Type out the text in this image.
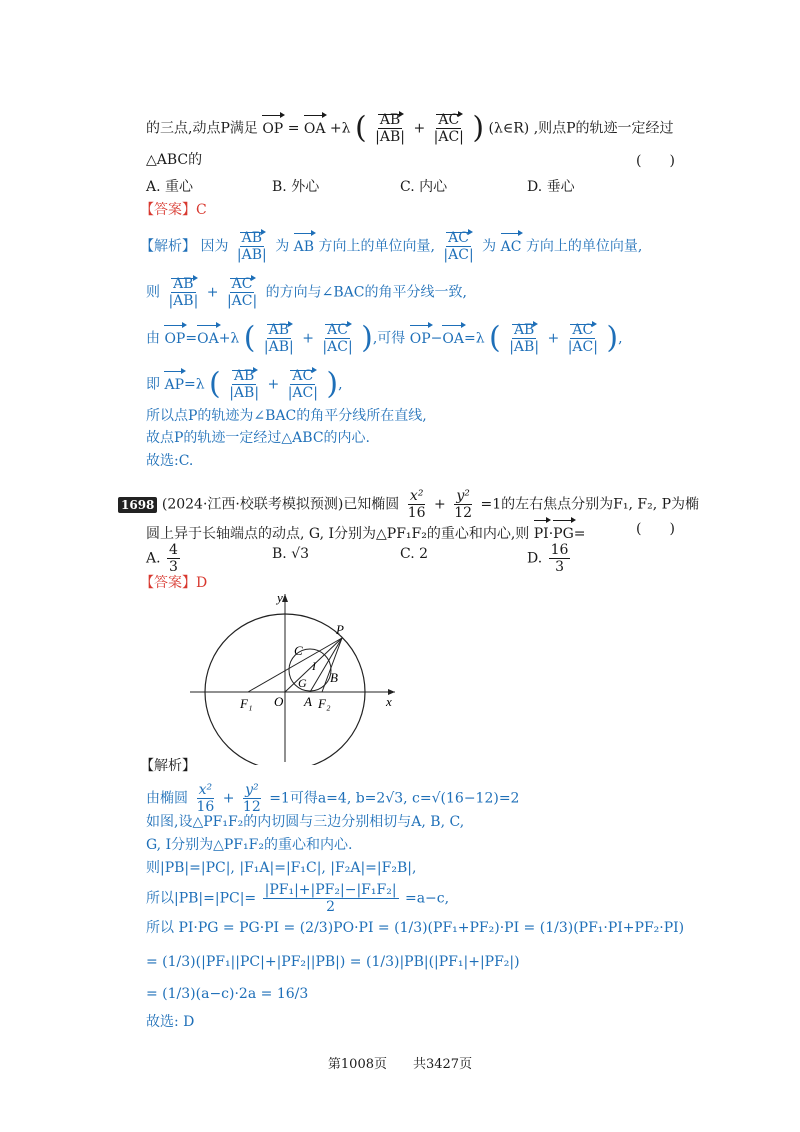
的三点,动点P满足 OP = OA +λ ( $\frac{AB}{|AB|} + \frac{AC}{|AC|}$ ) (λ∈R) ,则点P的轨迹一定经过
△ABC的	(　　)
A. 重心	B. 外心	C. 内心	D. 垂心
【答案】C
【解析】 因为 $\frac{AB}{|AB|}$ 为 AB 方向上的单位向量, $\frac{AC}{|AC|}$ 为 AC 方向上的单位向量,
则 $\frac{AB}{|AB|} + \frac{AC}{|AC|}$ 的方向与∠BAC的角平分线一致,
由 OP=OA+λ ( $\frac{AB}{|AB|} + \frac{AC}{|AC|}$ ),可得 OP−OA=λ ( $\frac{AB}{|AB|} + \frac{AC}{|AC|}$ ),
即 AP=λ ( $\frac{AB}{|AB|} + \frac{AC}{|AC|}$ ),
所以点P的轨迹为∠BAC的角平分线所在直线,
故点P的轨迹一定经过△ABC的内心.
故选:C.
1698 (2024·江西·校联考模拟预测)已知椭圆 $\frac{\text{x²}}{16} + \frac{\text{y²}}{12} =1$的左右焦点分别为F₁, F₂, P为椭
圆上异于长轴端点的动点, G, I分别为△PF₁F₂的重心和内心,则 PI·PG=	(　　)
A. $\frac{4}{3}$	B. √3	C. 2	D. $\frac{16}{3}$
【答案】D
y
x
P
C
I
B
G
F₁ O A F₂
【解析】
由椭圆 $\frac{\text{x²}}{16} + \frac{\text{y²}}{12} =1$可得a=4, b=2√3, c=√(16−12)=2
如图,设△PF₁F₂的内切圆与三边分别相切与A, B, C,
G, I分别为△PF₁F₂的重心和内心.
则|PB|=|PC|, |F₁A|=|F₁C|, |F₂A|=|F₂B|,
所以$|PB|=|PC|= \frac{\text{|PF₁|+|PF₂|−|F₁F₂|}}{2} =a-c$,
所以 PI·PG = PG·PI = (2/3)PO·PI = (1/3)(PF₁+PF₂)·PI = (1/3)(PF₁·PI+PF₂·PI)
= (1/3)(|PF₁||PC|+|PF₂||PB|) = (1/3)|PB|(|PF₁|+|PF₂|)
= (1/3)(a−c)·2a = 16/3
故选: D
第1008页　　共3427页
